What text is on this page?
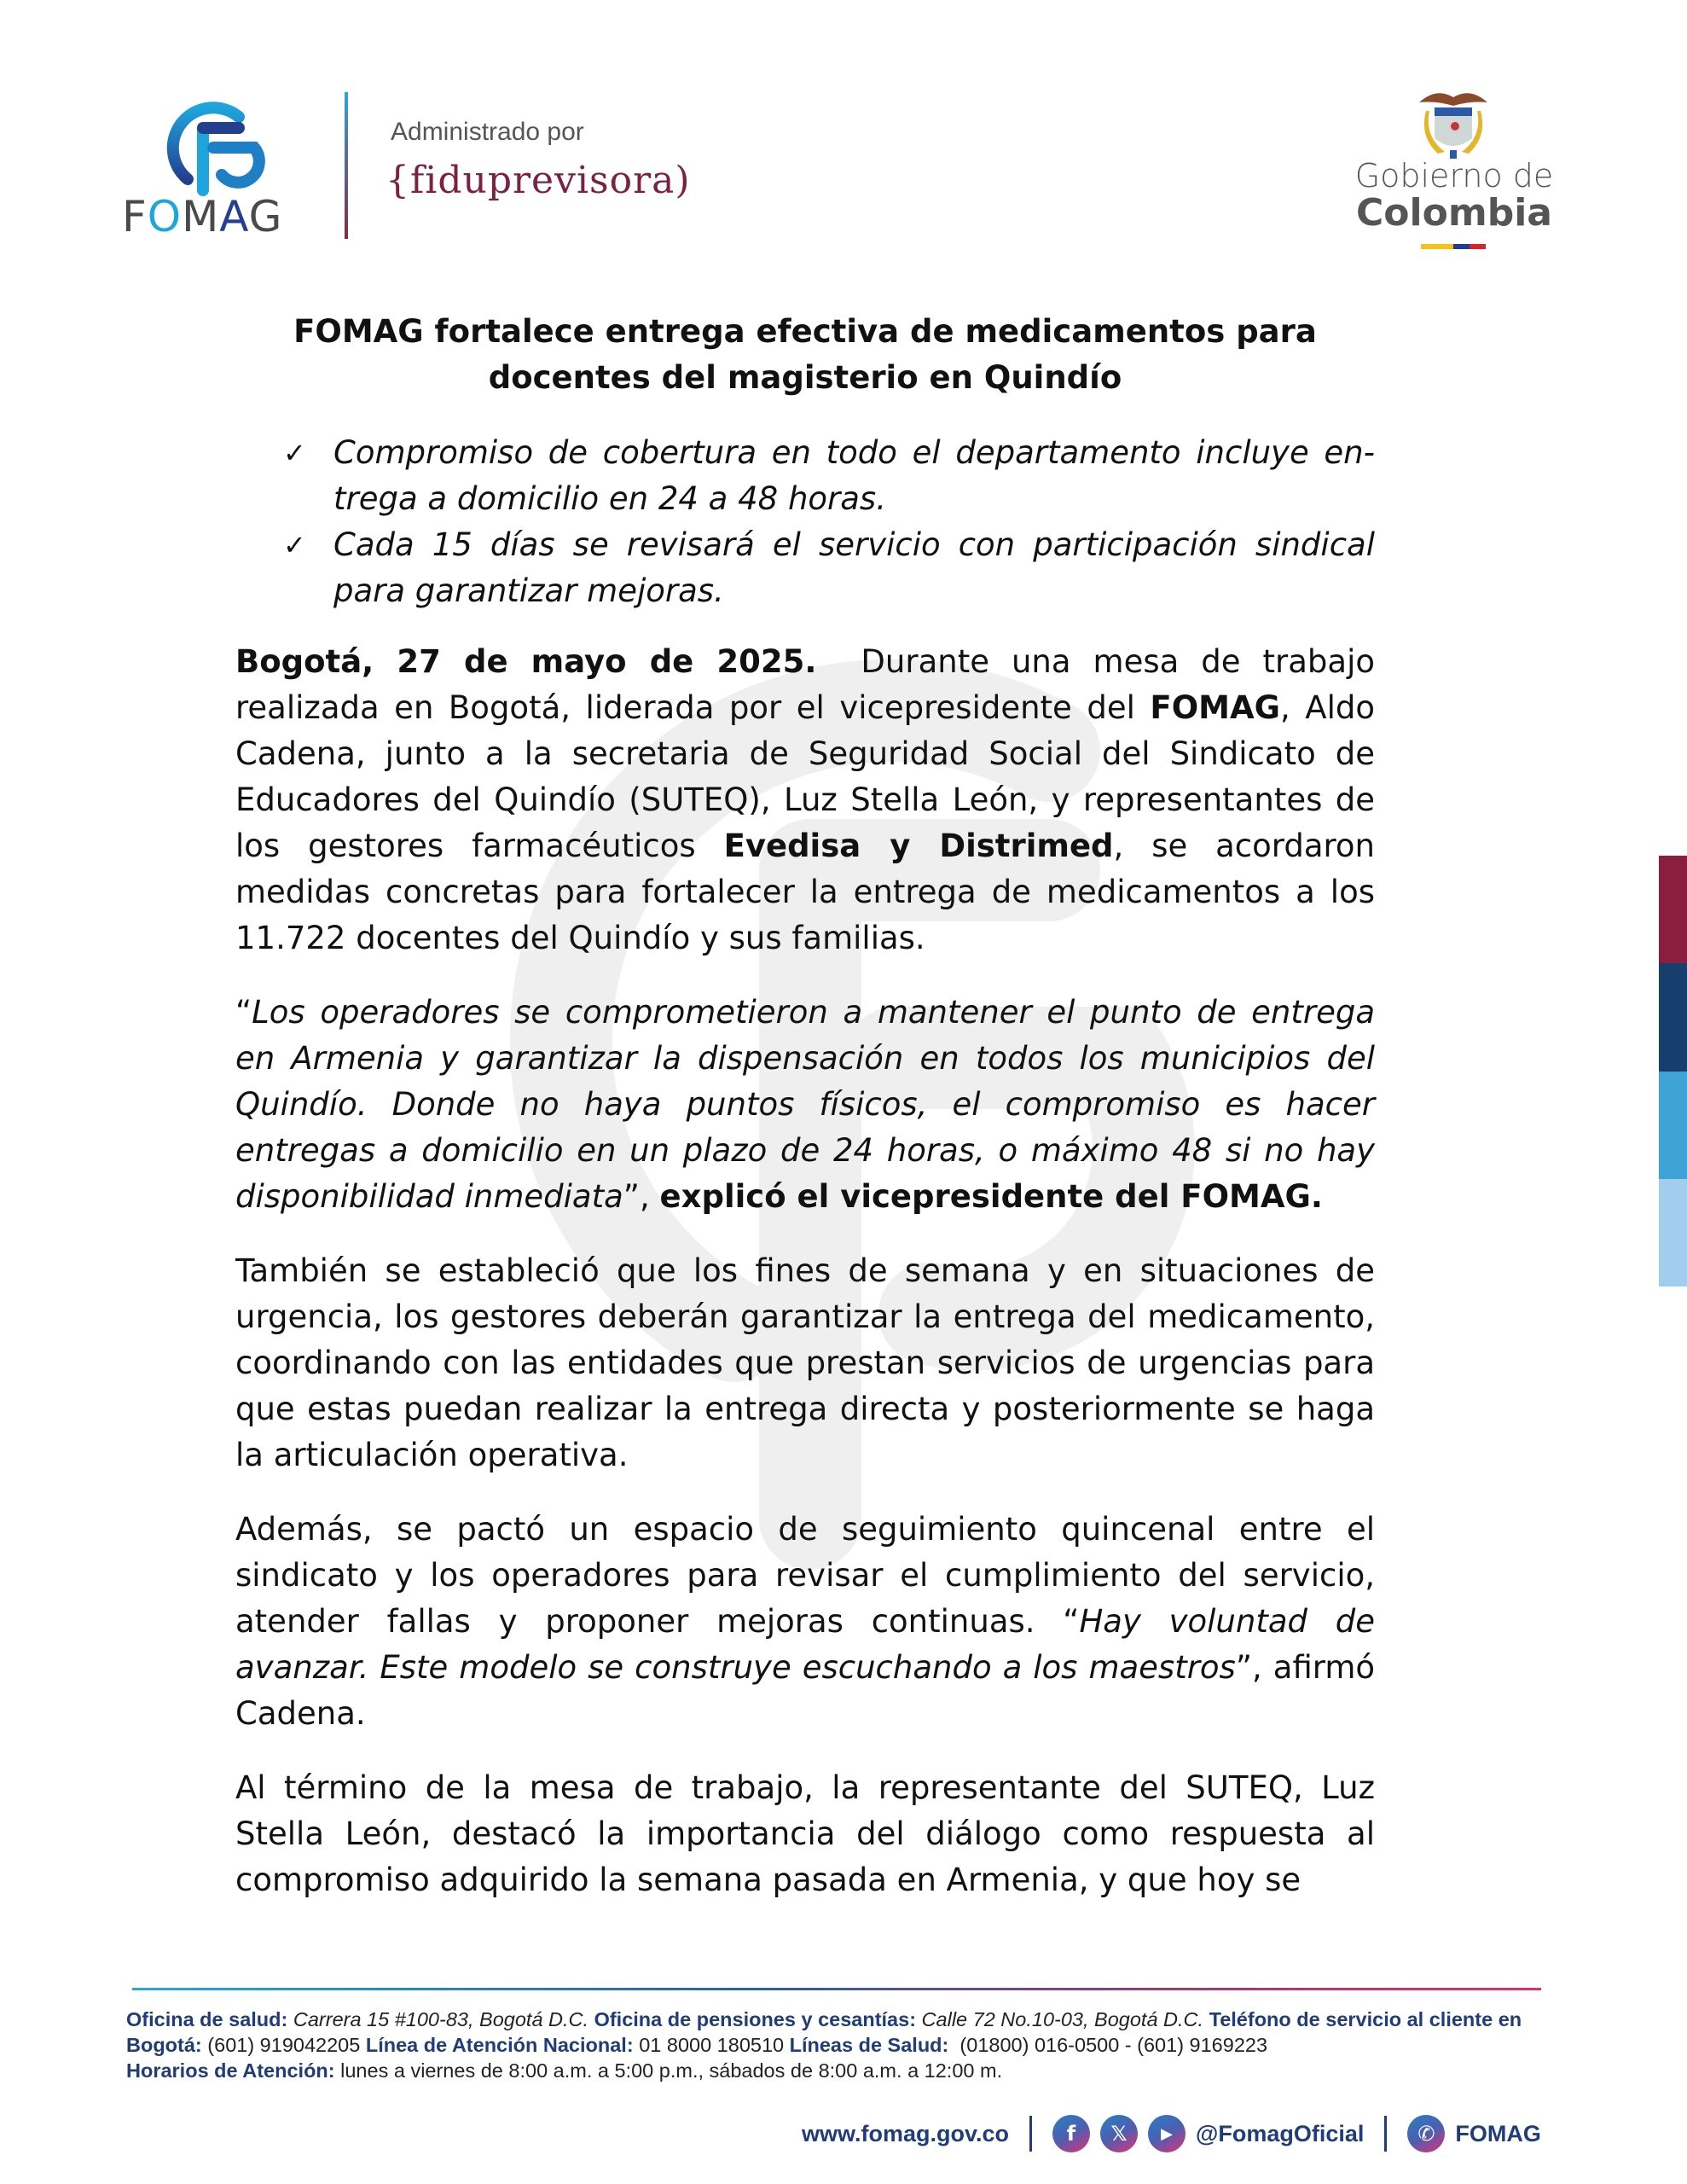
FOMAG
Administrado por
{fiduprevisora)	Gobierno de
Colombia
FOMAG fortalece entrega efectiva de medicamentos para docentes del magisterio en Quindío
✓ Compromiso de cobertura en todo el departamento incluye entrega a domicilio en 24 a 48 horas.
✓ Cada 15 días se revisará el servicio con participación sindical para garantizar mejoras.

Bogotá, 27 de mayo de 2025.  Durante una mesa de trabajo realizada en Bogotá, liderada por el vicepresidente del FOMAG, Aldo Cadena, junto a la secretaria de Seguridad Social del Sindicato de Educadores del Quindío (SUTEQ), Luz Stella León, y representantes de los gestores farmacéuticos Evedisa y Distrimed, se acordaron medidas concretas para fortalecer la entrega de medicamentos a los 11.722 docentes del Quindío y sus familias.

“Los operadores se comprometieron a mantener el punto de entrega en Armenia y garantizar la dispensación en todos los municipios del Quindío. Donde no haya puntos físicos, el compromiso es hacer entregas a domicilio en un plazo de 24 horas, o máximo 48 si no hay disponibilidad inmediata”, explicó el vicepresidente del FOMAG.

También se estableció que los fines de semana y en situaciones de urgencia, los gestores deberán garantizar la entrega del medicamento, coordinando con las entidades que prestan servicios de urgencias para que estas puedan realizar la entrega directa y posteriormente se haga la articulación operativa.

Además, se pactó un espacio de seguimiento quincenal entre el sindicato y los operadores para revisar el cumplimiento del servicio, atender fallas y proponer mejoras continuas. “Hay voluntad de avanzar. Este modelo se construye escuchando a los maestros”, afirmó Cadena.

Al término de la mesa de trabajo, la representante del SUTEQ, Luz Stella León, destacó la importancia del diálogo como respuesta al compromiso adquirido la semana pasada en Armenia, y que hoy se

Oficina de salud: Carrera 15 #100-83, Bogotá D.C. Oficina de pensiones y cesantías: Calle 72 No.10-03, Bogotá D.C. Teléfono de servicio al cliente en Bogotá: (601) 919042205 Línea de Atención Nacional: 01 8000 180510 Líneas de Salud:  (01800) 016-0500 - (601) 9169223
Horarios de Atención: lunes a viernes de 8:00 a.m. a 5:00 p.m., sábados de 8:00 a.m. a 12:00 m.
www.fomag.gov.co	f	𝕏	▶	@FomagOficial	✆ FOMAG
